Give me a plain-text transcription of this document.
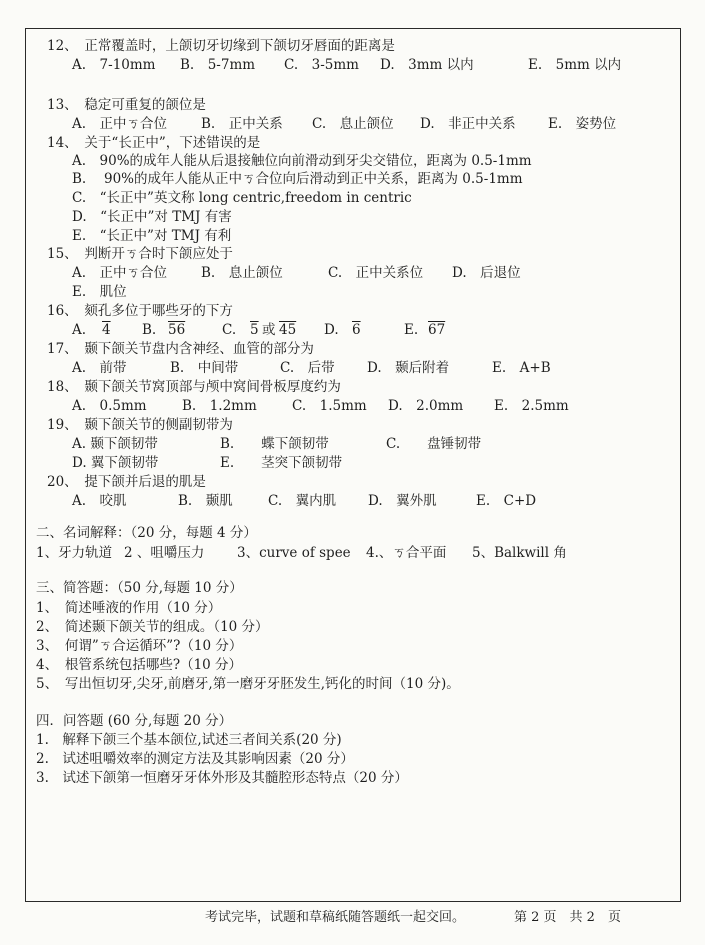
12、　正常覆盖时，上颌切牙切缘到下颌切牙唇面的距离是
A.　7-10mm B.　5-7mm C.　3-5mm D.　3mm 以内	E.　5mm 以内
13、　稳定可重复的颌位是
A.　正中ㄎ合位	B.　正中关系 C.　息止颌位 D.　非正中关系 E.　姿势位
14、　关于“长正中”，下述错误的是
A.　90%的成年人能从后退接触位向前滑动到牙尖交错位，距离为 0.5-1mm
B.　 90%的成年人能从正中ㄎ合位向后滑动到正中关系，距离为 0.5-1mm
C.　“长正中”英文称 long centric,freedom in centric
D.　“长正中”对 TMJ 有害
E.　“长正中”对 TMJ 有利
15、　判断开ㄎ合时下颌应处于
A.　正中ㄎ合位	B.　息止颌位	C.　正中关系位 D.　后退位
E.　肌位
16、　颏孔多位于哪些牙的下方
A. 4 B. 56	C. 5 或 45 D. 6	E. 67
17、　颞下颌关节盘内含神经、血管的部分为
A.　前带	B.　中间带	C.　后带 D.　颞后附着	E.　A+B
18、　颞下颌关节窝顶部与颅中窝间骨板厚度约为
A.　0.5mm	B.　1.2mm	C.　1.5mm D.　2.0mm E.　2.5mm
19、　颞下颌关节的侧副韧带为
A. 颞下颌韧带	B.　　蝶下颌韧带	C.　　盘锤韧带
D. 翼下颌韧带	E.　　茎突下颌韧带
20、　提下颌并后退的肌是
A.　咬肌	B.　颞肌	C.　翼内肌 D.　翼外肌	E.　C+D
二、名词解释：（20 分，每题 4 分）
1、牙力轨道 2 、咀嚼压力 3、curve of spee 4.、ㄎ合平面 5、Balkwill 角
三、简答题：（50 分,每题 10 分）
1、　简述唾液的作用（10 分）
2、　简述颞下颌关节的组成。（10 分）
3、　何谓”ㄎ合运循环”?（10 分）
4、　根管系统包括哪些?（10 分）
5、　写出恒切牙,尖牙,前磨牙,第一磨牙牙胚发生,钙化的时间（10 分)。
四．问答题 (60 分,每题 20 分）
1.　解释下颌三个基本颌位,试述三者间关系(20 分)
2.　试述咀嚼效率的测定方法及其影响因素（20 分）
3.　试述下颌第一恒磨牙牙体外形及其髓腔形态特点（20 分）
考试完毕，试题和草稿纸随答题纸一起交回。	第 2 页　共 2　页
